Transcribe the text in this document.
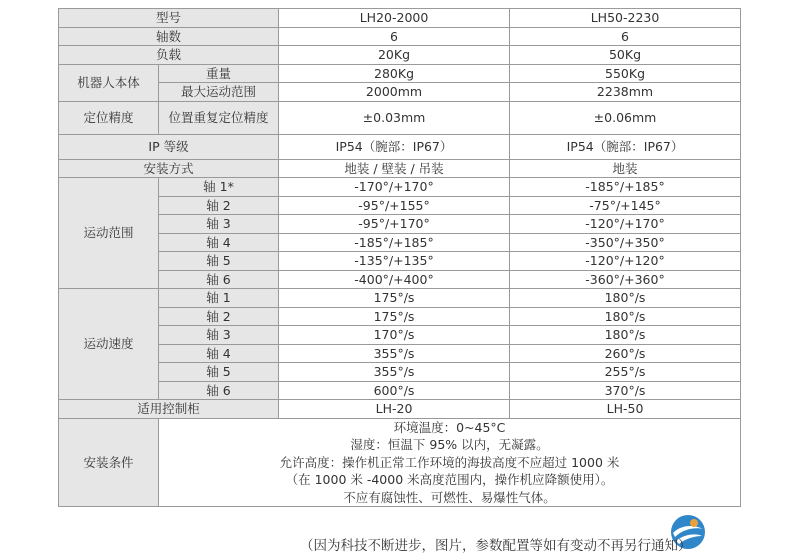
型号		LH20-2000	LH50-2230
轴数		6	6
负载		20Kg	50Kg
机器人本体	重量	280Kg	550Kg
	最大运动范围	2000mm	2238mm
定位精度	位置重复定位精度	±0.03mm	±0.06mm
IP 等级		IP54（腕部：IP67）	IP54（腕部：IP67）
安装方式		地装 / 壁装 / 吊装	地装
运动范围	轴 1*	-170°/+170°	-185°/+185°
	轴 2	-95°/+155°	-75°/+145°
	轴 3	-95°/+170°	-120°/+170°
	轴 4	-185°/+185°	-350°/+350°
	轴 5	-135°/+135°	-120°/+120°
	轴 6	-400°/+400°	-360°/+360°
运动速度	轴 1	175°/s	180°/s
	轴 2	175°/s	180°/s
	轴 3	170°/s	180°/s
	轴 4	355°/s	260°/s
	轴 5	355°/s	255°/s
	轴 6	600°/s	370°/s
适用控制柜		LH-20	LH-50
安装条件	环境温度：0~45°C
湿度：恒温下 95% 以内，无凝露。
允许高度：操作机正常工作环境的海拔高度不应超过 1000 米
（在 1000 米 -4000 米高度范围内，操作机应降额使用）。
不应有腐蚀性、可燃性、易爆性气体。		
（因为科技不断进步，图片，参数配置等如有变动不再另行通知）
